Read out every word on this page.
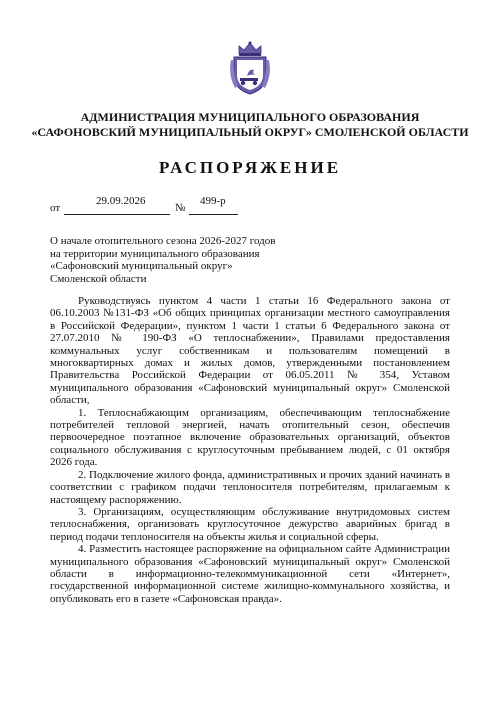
АДМИНИСТРАЦИЯ МУНИЦИПАЛЬНОГО ОБРАЗОВАНИЯ
«САФОНОВСКИЙ МУНИЦИПАЛЬНЫЙ ОКРУГ» СМОЛЕНСКОЙ ОБЛАСТИ
РАСПОРЯЖЕНИЕ
от
29.09.2026
№
499-р
О начале отопительного сезона 2026-2027 годов
на территории муниципального образования
«Сафоновский муниципальный округ»
Смоленской области

Руководствуясь пунктом 4 части 1 статьи 16 Федерального закона от 06.10.2003 №131-ФЗ «Об общих принципах организации местного самоуправления в Российской Федерации», пунктом 1 части 1 статьи 6 Федерального закона от 27.07.2010 № 190-ФЗ «О теплоснабжении», Правилами предоставления коммунальных услуг собственникам и пользователям помещений в многоквартирных домах и жилых домов, утвержденными постановлением Правительства Российской Федерации от 06.05.2011 № 354, Уставом муниципального образования «Сафоновский муниципальный округ» Смоленской области,

1. Теплоснабжающим организациям, обеспечивающим теплоснабжение потребителей тепловой энергией, начать отопительный сезон, обеспечив первоочередное поэтапное включение образовательных организаций, объектов социального обслуживания с круглосуточным пребыванием людей, с 01 октября 2026 года.

2. Подключение жилого фонда, административных и прочих зданий начинать в соответствии с графиком подачи теплоносителя потребителям, прилагаемым к настоящему распоряжению.

3. Организациям, осуществляющим обслуживание внутридомовых систем теплоснабжения, организовать круглосуточное дежурство аварийных бригад в период подачи теплоносителя на объекты жилья и социальной сферы.

4. Разместить настоящее распоряжение на официальном сайте Администрации муниципального образования «Сафоновский муниципальный округ» Смоленской области в информационно-телекоммуникационной сети «Интернет», государственной информационной системе жилищно-коммунального хозяйства, и опубликовать его в газете «Сафоновская правда».
